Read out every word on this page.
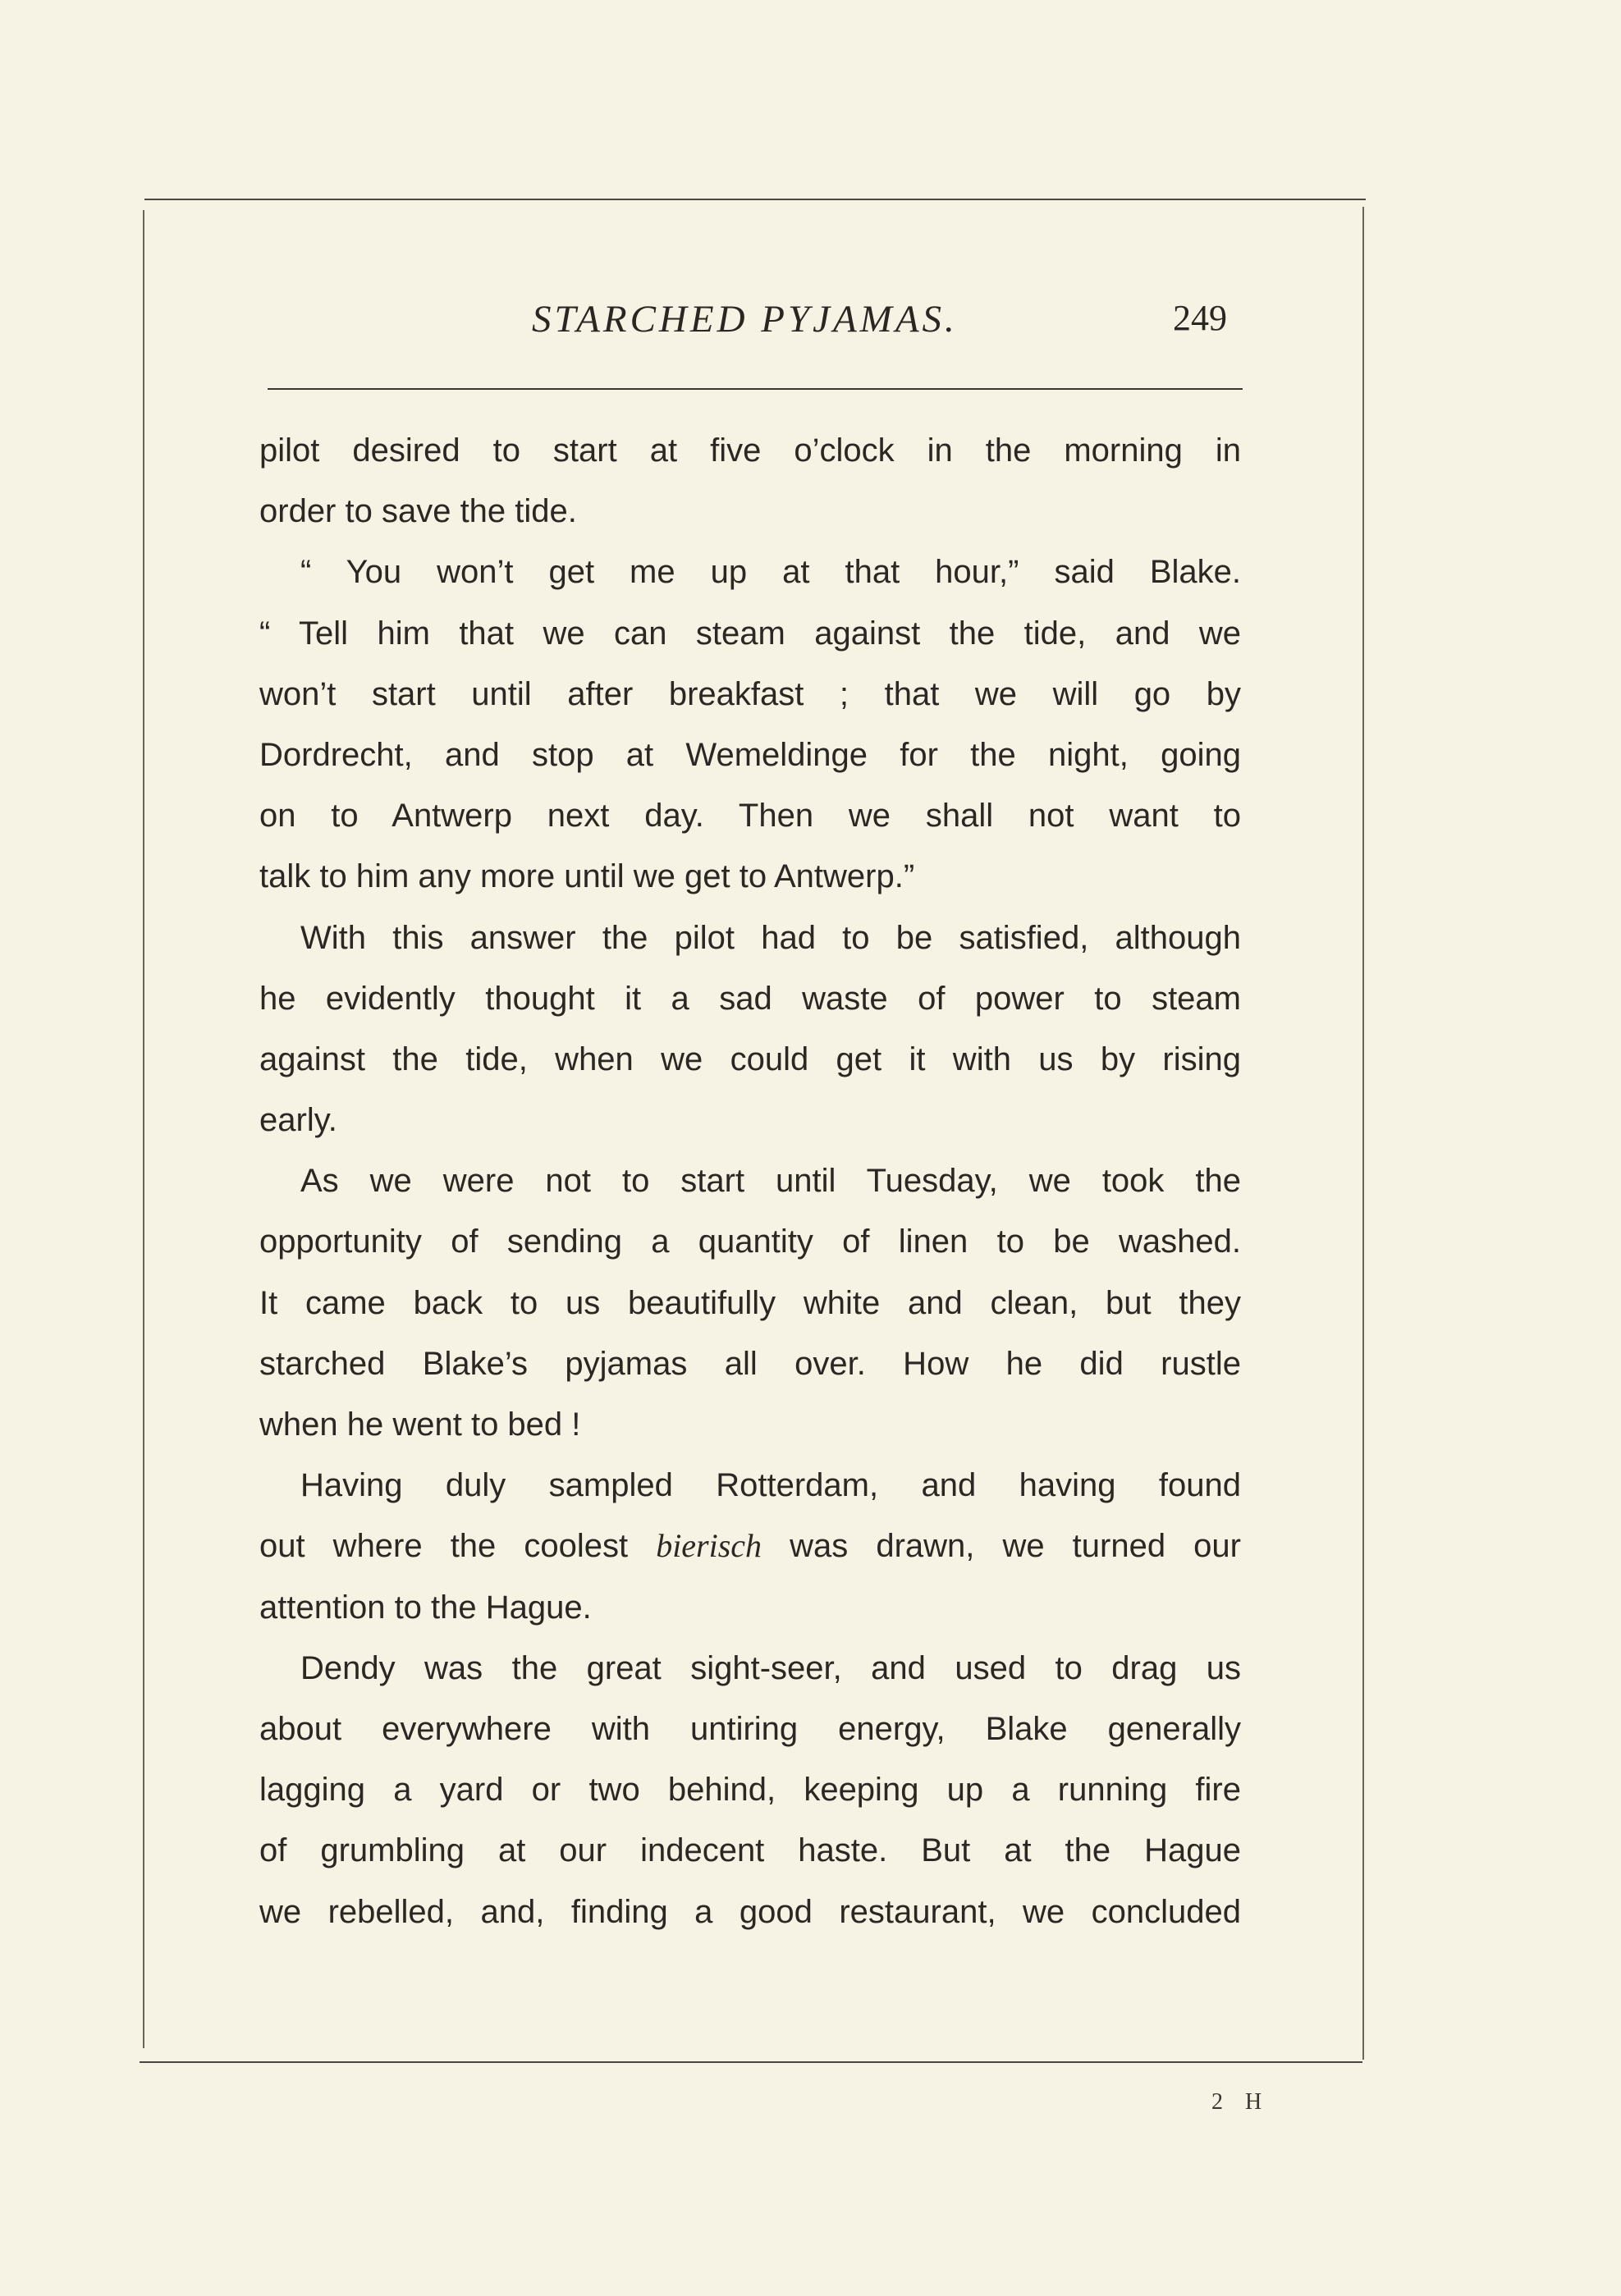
STARCHED PYJAMAS.	249
pilot desired to start at five o’clock in the morning in
order to save the tide.
“ You won’t get me up at that hour,” said Blake.
“ Tell him that we can steam against the tide, and we
won’t start until after breakfast ; that we will go by
Dordrecht, and stop at Wemeldinge for the night, going
on to Antwerp next day. Then we shall not want to
talk to him any more until we get to Antwerp.”
With this answer the pilot had to be satisfied, although
he evidently thought it a sad waste of power to steam
against the tide, when we could get it with us by rising
early.
As we were not to start until Tuesday, we took the
opportunity of sending a quantity of linen to be washed.
It came back to us beautifully white and clean, but they
starched Blake’s pyjamas all over. How he did rustle
when he went to bed !
Having duly sampled Rotterdam, and having found
out where the coolest bierisch was drawn, we turned our
attention to the Hague.
Dendy was the great sight-seer, and used to drag us
about everywhere with untiring energy, Blake generally
lagging a yard or two behind, keeping up a running fire
of grumbling at our indecent haste. But at the Hague
we rebelled, and, finding a good restaurant, we concluded
2 H
